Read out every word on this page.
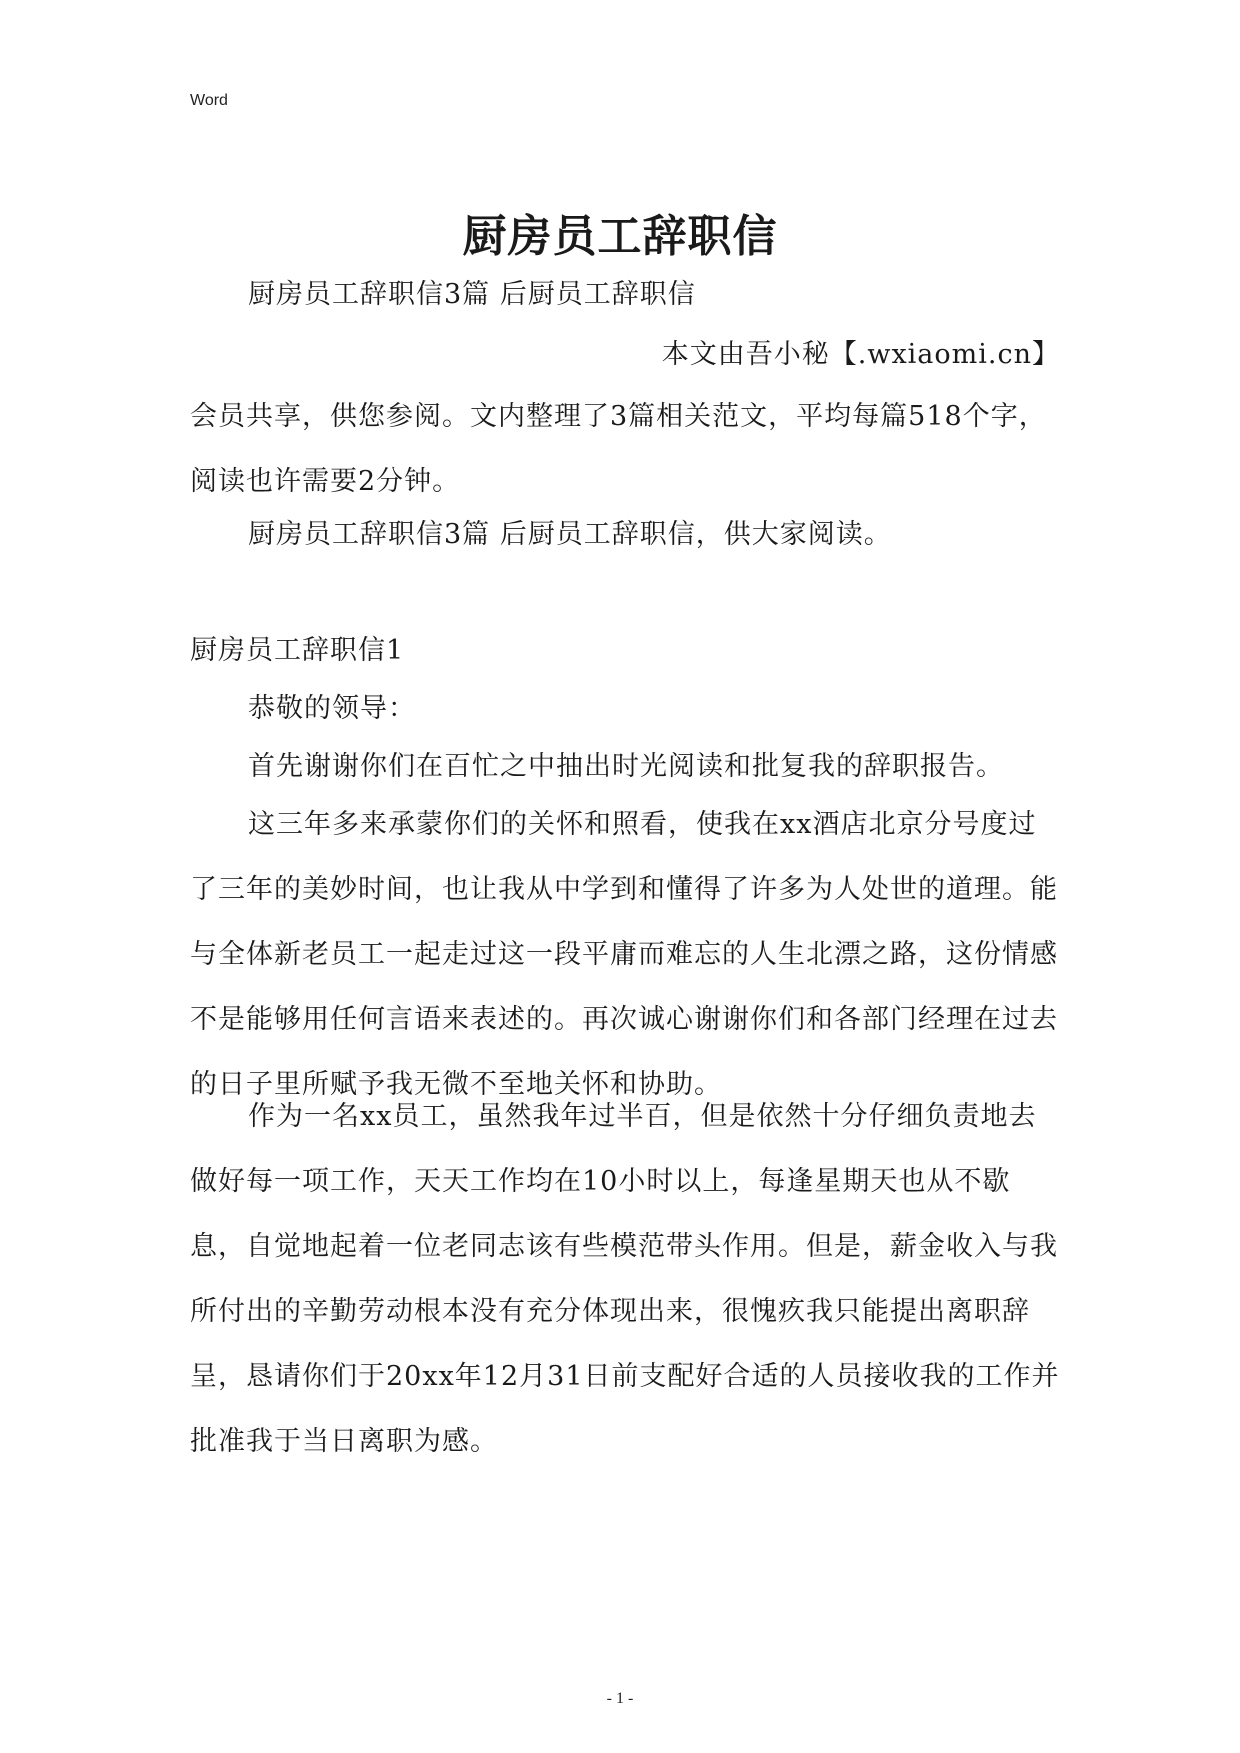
Word
厨房员工辞职信

厨房员工辞职信3篇 后厨员工辞职信

本文由吾小秘【.wxiaomi.cn】

会员共享，供您参阅。文内整理了3篇相关范文，平均每篇518个字，阅读也许需要2分钟。

厨房员工辞职信3篇 后厨员工辞职信，供大家阅读。

厨房员工辞职信1

恭敬的领导：

首先谢谢你们在百忙之中抽出时光阅读和批复我的辞职报告。

这三年多来承蒙你们的关怀和照看，使我在xx酒店北京分号度过了三年的美妙时间，也让我从中学到和懂得了许多为人处世的道理。能与全体新老员工一起走过这一段平庸而难忘的人生北漂之路，这份情感不是能够用任何言语来表述的。再次诚心谢谢你们和各部门经理在过去的日子里所赋予我无微不至地关怀和协助。

作为一名xx员工，虽然我年过半百，但是依然十分仔细负责地去做好每一项工作，天天工作均在10小时以上，每逢星期天也从不歇息，自觉地起着一位老同志该有些模范带头作用。但是，薪金收入与我所付出的辛勤劳动根本没有充分体现出来，很愧疚我只能提出离职辞呈，恳请你们于20xx年12月31日前支配好合适的人员接收我的工作并批准我于当日离职为感。

- 1 -
